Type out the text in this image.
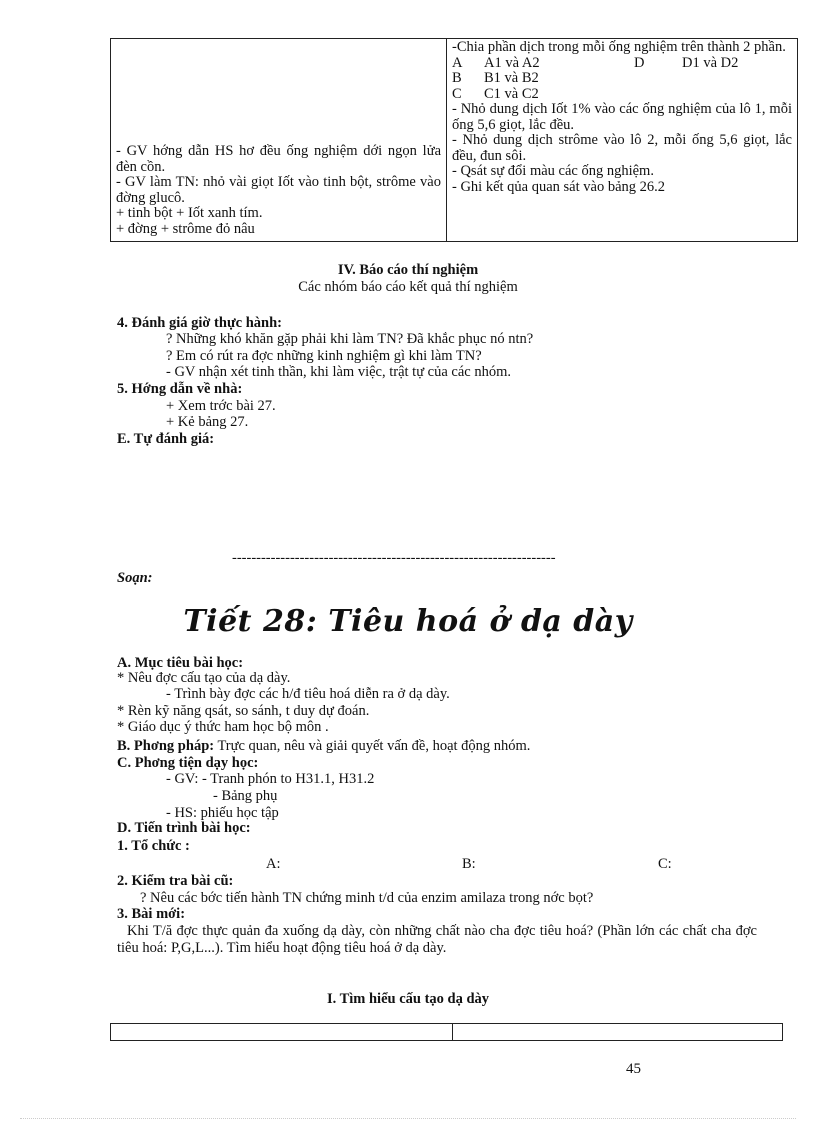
- GV hớng dẫn HS hơ đều ống nghiệm dới ngọn lửa đèn cồn.
- GV làm TN: nhỏ vài giọt Iốt vào tinh bột, strôme vào đờng glucô.
+ tinh bột + Iốt xanh tím.
+ đờng + strôme đỏ nâu

-Chia phần dịch trong mỗi ống nghiệm trên thành 2 phần.
A	A1 và A2	D	D1 và D2
B	B1 và B2
C	C1 và C2
- Nhỏ dung dịch Iốt 1% vào các ống nghiệm của lô 1, mỗi ống 5,6 giọt, lắc đều.
- Nhỏ dung dịch strôme vào lô 2, mỗi ống 5,6 giọt, lắc đều, đun sôi.
- Qsát sự đổi màu các ống nghiệm.
- Ghi kết qủa quan sát vào bảng 26.2
IV. Báo cáo thí nghiệm
Các nhóm báo cáo kết quả thí nghiệm
4. Đánh giá giờ thực hành:
? Những khó khăn gặp phải khi làm TN? Đã khắc phục nó ntn?
? Em có rút ra đợc những kinh nghiệm gì khi làm TN?
- GV nhận xét tinh thần, khi làm việc, trật tự của các nhóm.
5. Hớng dẫn về nhà:
+ Xem trớc bài 27.
+ Kẻ bảng 27.
E. Tự đánh giá:
-------------------------------------------------------------------
Soạn:
Tiết 28: Tiêu hoá ở dạ dày
A. Mục tiêu bài học:
* Nêu đợc cấu tạo của dạ dày.
- Trình bày đợc các h/đ tiêu hoá diễn ra ở dạ dày.
* Rèn kỹ năng qsát, so sánh, t duy dự đoán.
* Giáo dục ý thức ham học bộ môn .
B. Phơng pháp: Trực quan, nêu và giải quyết vấn đề, hoạt động nhóm.
C. Phơng tiện dạy học:
- GV: - Tranh phón to H31.1, H31.2
- Bảng phụ
- HS: phiếu học tập
D. Tiến trình bài học:
1. Tổ chức :
A:	B:	C:
2. Kiểm tra bài cũ:
? Nêu các bớc tiến hành TN chứng minh t/d của enzim amilaza trong nớc bọt?
3. Bài mới:
Khi T/ă đợc thực quản đa xuống dạ dày, còn những chất nào cha đợc tiêu hoá? (Phần lớn các chất cha đợc tiêu hoá: P,G,L...). Tìm hiểu hoạt động tiêu hoá ở dạ dày.
I. Tìm hiểu cấu tạo dạ dày
45
